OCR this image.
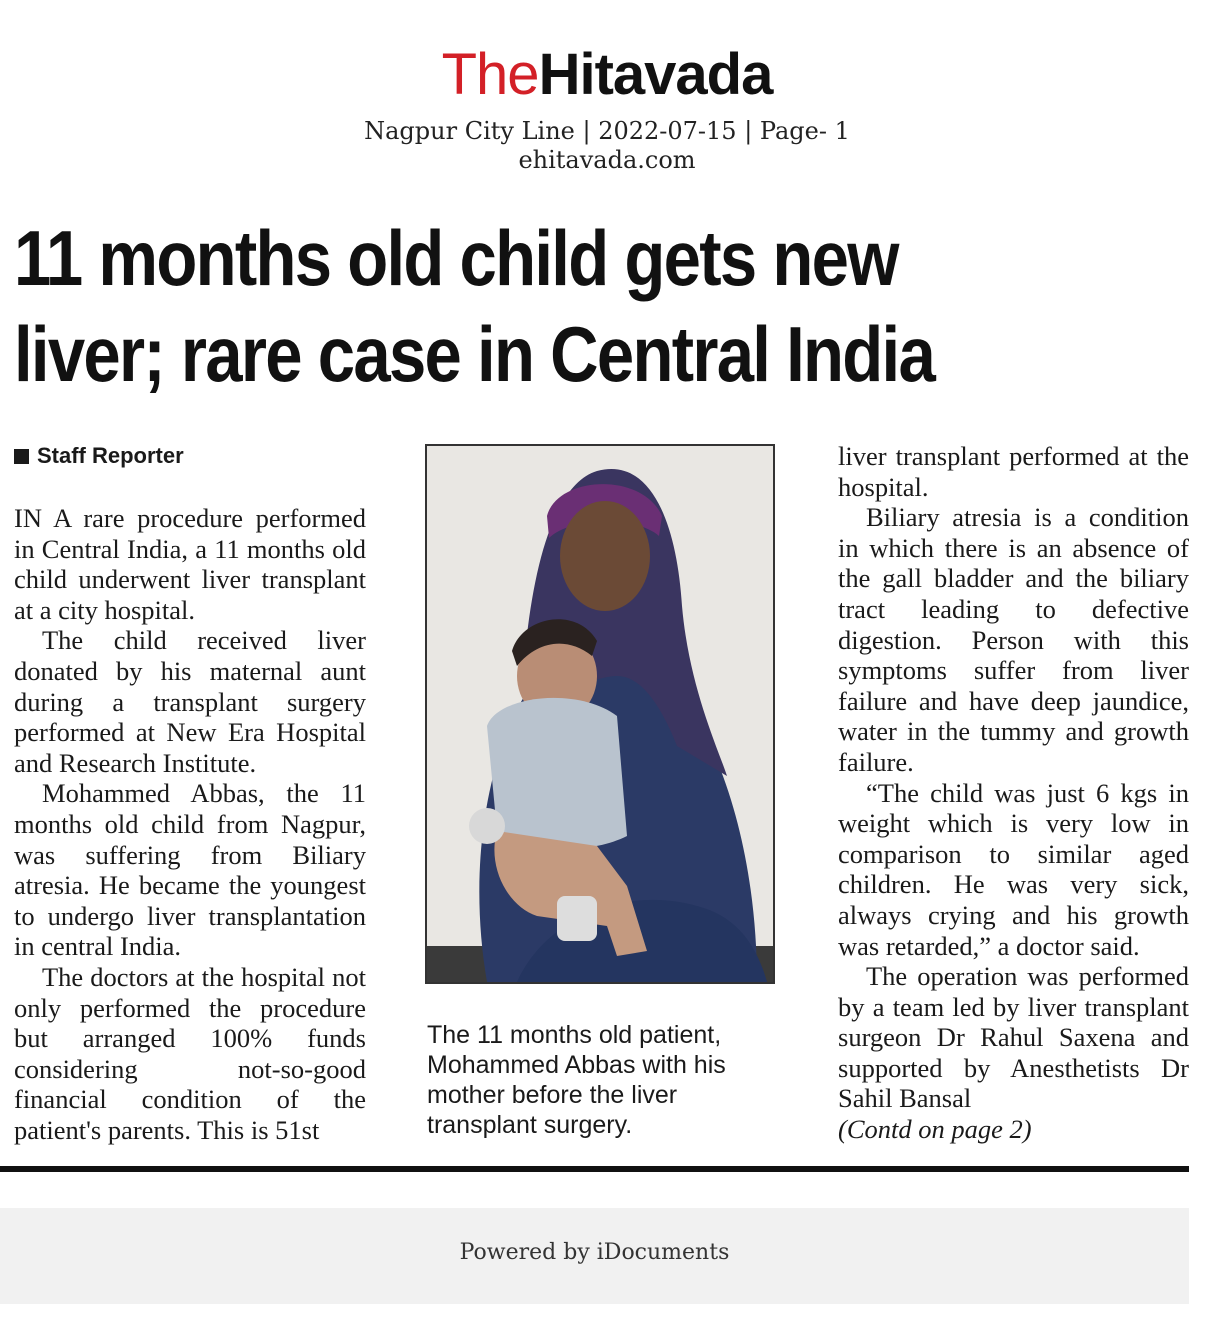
TheHitavada
Nagpur City Line | 2022-07-15 | Page- 1
ehitavada.com
11 months old child gets new
liver; rare case in Central India
Staff Reporter

IN A rare procedure performed in Central India, a 11 months old child underwent liver transplant at a city hospital.

The child received liver donated by his maternal aunt during a transplant surgery performed at New Era Hospital and Research Institute.

Mohammed Abbas, the 11 months old child from Nagpur, was suffering from Biliary atresia. He became the youngest to undergo liver transplantation in central India.

The doctors at the hospital not only performed the procedure but arranged 100% funds considering not-so-good financial condition of the patient's parents. This is 51st

The 11 months old patient, Mohammed Abbas with his mother before the liver transplant surgery.

liver transplant performed at the hospital.

Biliary atresia is a condition in which there is an absence of the gall bladder and the biliary tract leading to defective digestion. Person with this symptoms suffer from liver failure and have deep jaundice, water in the tummy and growth failure.

“The child was just 6 kgs in weight which is very low in comparison to similar aged children. He was very sick, always crying and his growth was retarded,” a doctor said.

The operation was performed by a team led by liver transplant surgeon Dr Rahul Saxena and supported by Anesthetists Dr Sahil Bansal

(Contd on page 2)

Powered by iDocuments
